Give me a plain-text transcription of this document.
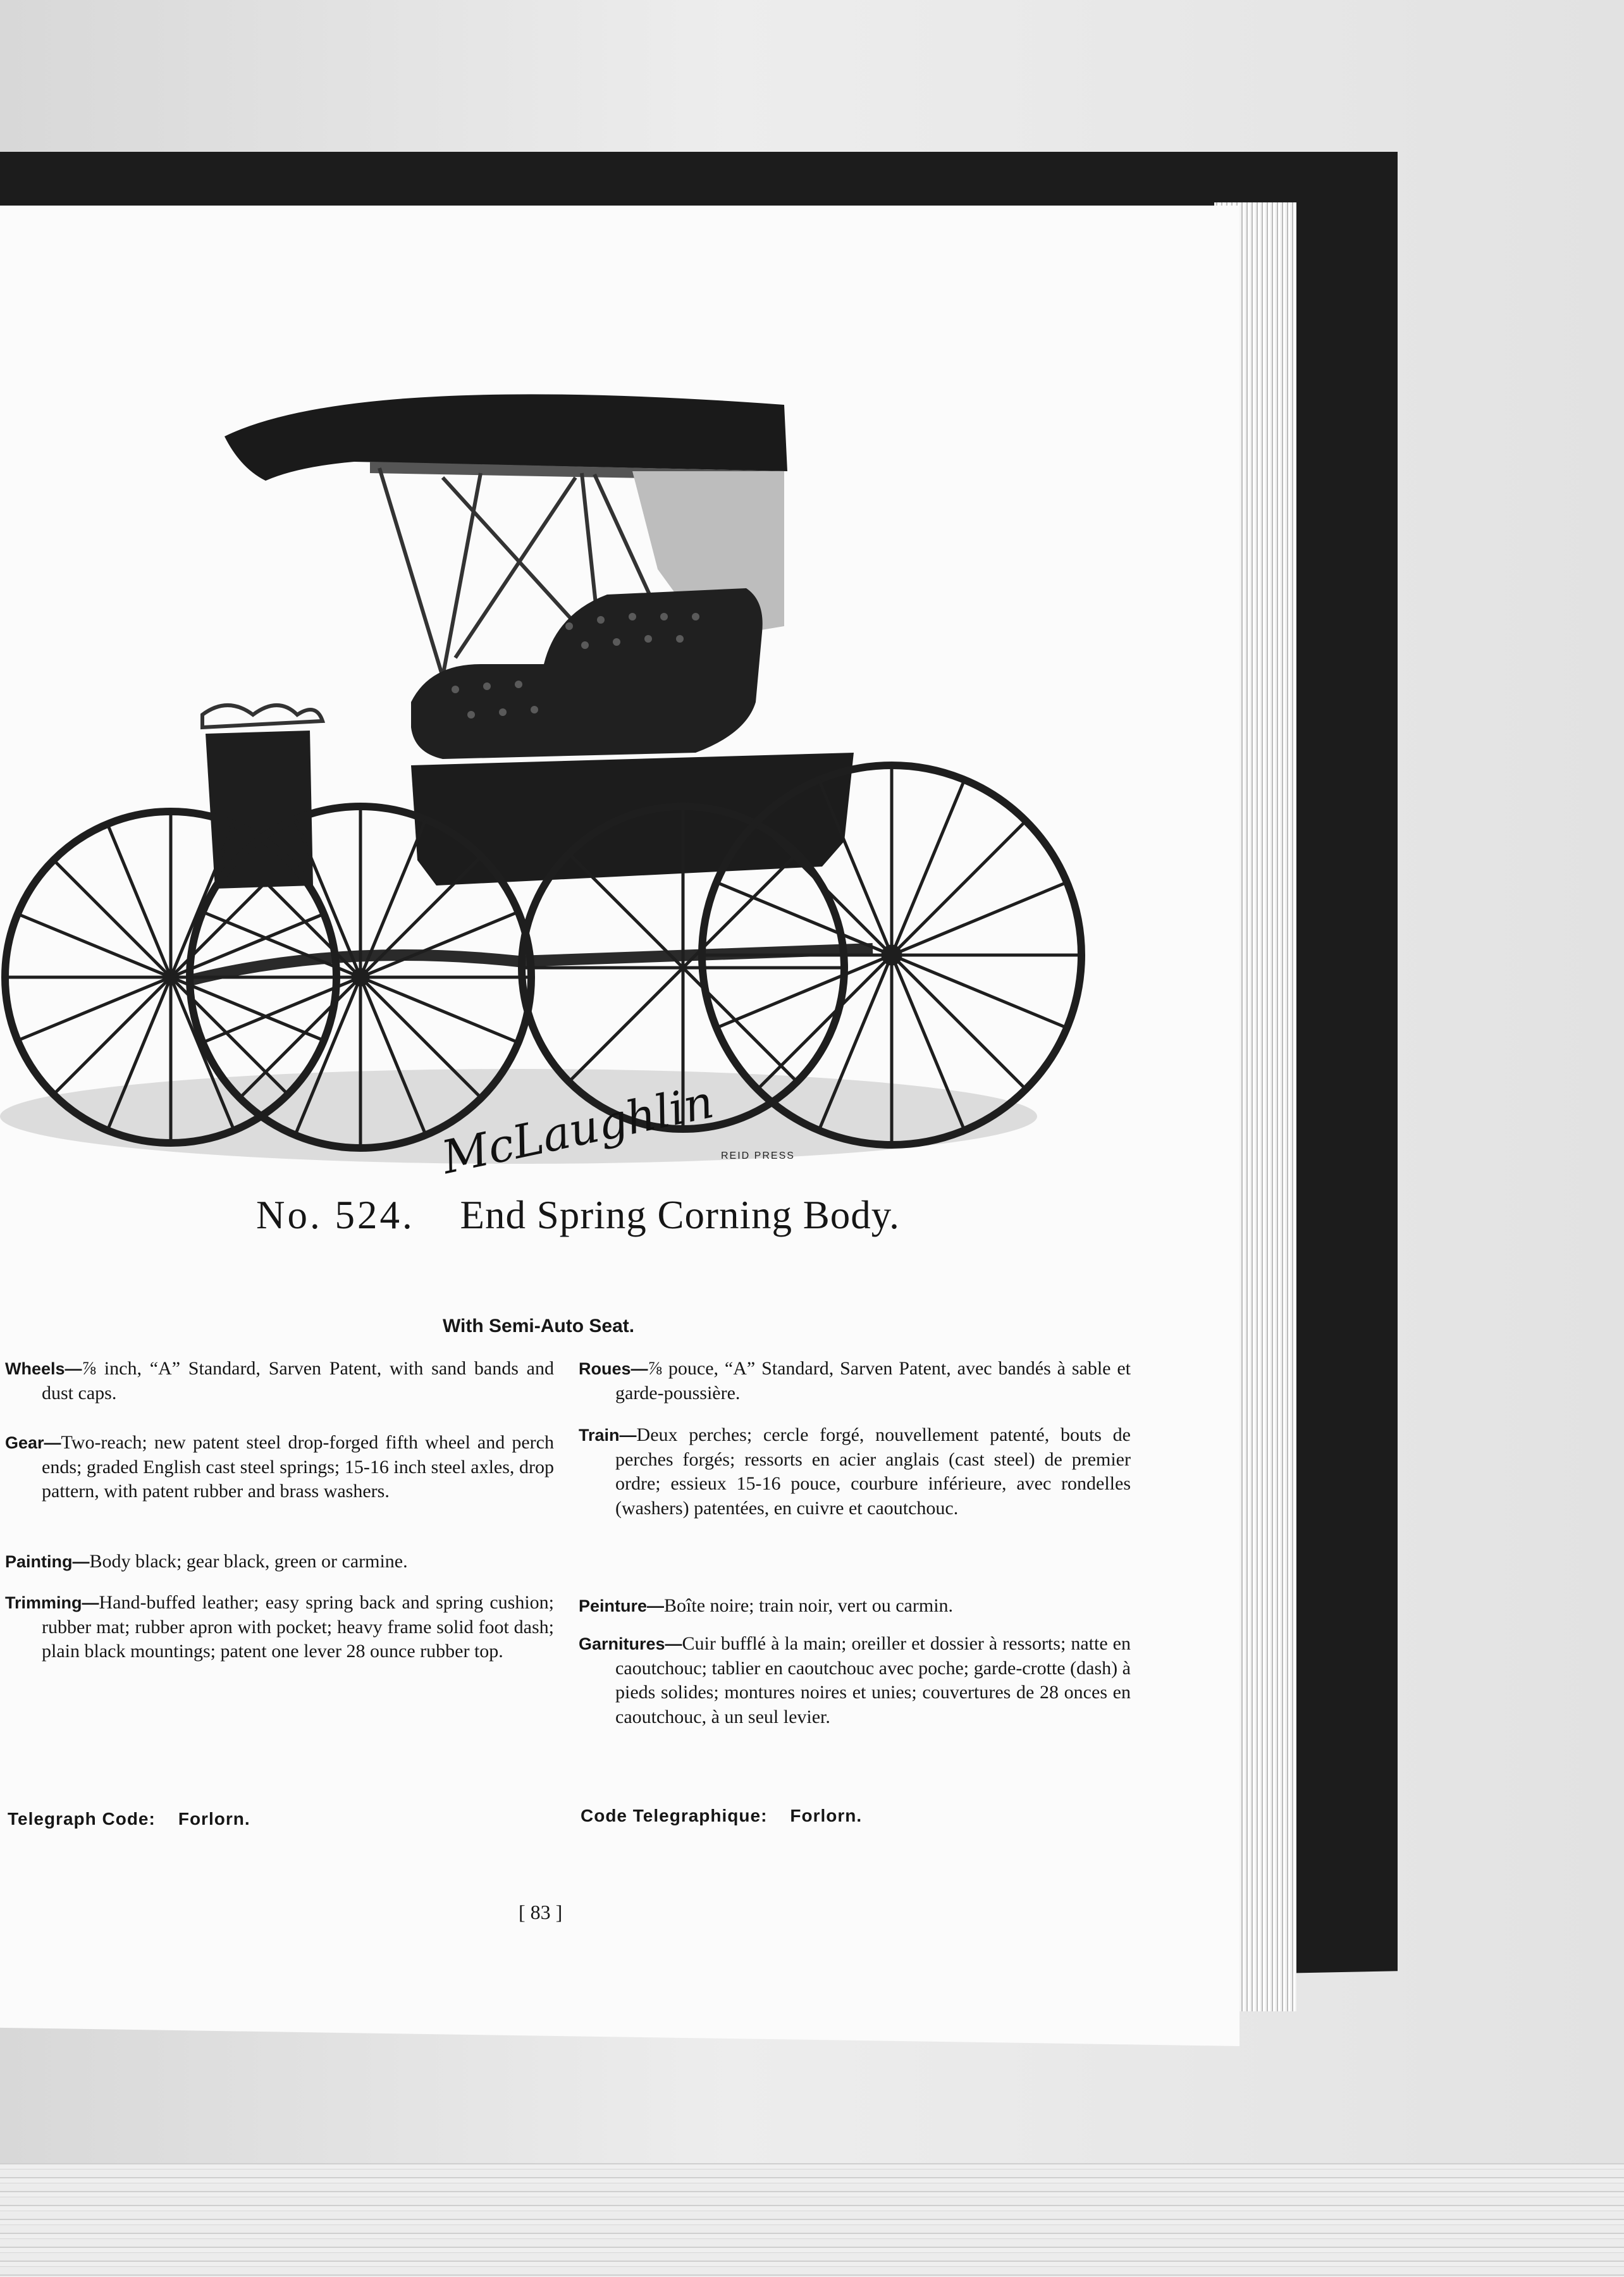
McLaughlin REID PRESS
No. 524. End Spring Corning Body.
With Semi-Auto Seat.
Wheels—⅞ inch, “A” Standard, Sarven Patent, with sand bands and dust caps.
Gear—Two-reach; new patent steel drop-forged fifth wheel and perch ends; graded English cast steel springs; 15-16 inch steel axles, drop pattern, with patent rubber and brass washers.
Painting—Body black; gear black, green or carmine.
Trimming—Hand-buffed leather; easy spring back and spring cushion; rubber mat; rubber apron with pocket; heavy frame solid foot dash; plain black mountings; patent one lever 28 ounce rubber top.
Roues—⅞ pouce, “A” Standard, Sarven Patent, avec bandés à sable et garde-poussière.
Train—Deux perches; cercle forgé, nouvellement patenté, bouts de perches forgés; ressorts en acier anglais (cast steel) de premier ordre; essieux 15-16 pouce, courbure inférieure, avec rondelles (washers) patentées, en cuivre et caoutchouc.
Peinture—Boîte noire; train noir, vert ou carmin.
Garnitures—Cuir bufflé à la main; oreiller et dossier à ressorts; natte en caoutchouc; tablier en caoutchouc avec poche; garde-crotte (dash) à pieds solides; montures noires et unies; couvertures de 28 onces en caoutchouc, à un seul levier.
Telegraph Code: Forlorn.	Code Telegraphique: Forlorn.
[ 83 ]
